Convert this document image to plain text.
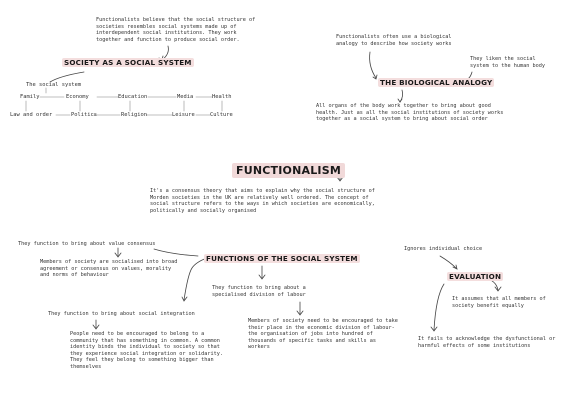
Functionalists believe that the social structure of societies resembles social systems made up of interdependent social institutions. They work together and function to produce social order.
SOCIETY AS A SOCIAL SYSTEM
The social system
Family	Economy	Education	Media	Health
Law and order	Politics	Religion	Leisure	Culture
Functionalists often use a biological analogy to describe how society works
They liken the social system to the human body
THE BIOLOGICAL ANALOGY
All organs of the body work together to bring about good health. Just as all the social institutions of society works together as a social system to bring about social order
FUNCTIONALISM
It's a consensus theory that aims to explain why the social structure of Morden societies in the UK are relatively well ordered. The concept of social structure refers to the ways in which societies are economically, politically and socially organised
They function to bring about value consensus
FUNCTIONS OF THE SOCIAL SYSTEM
Members of society are socialised into broad agreement or consensus on values, morality and norms of behaviour
They function to bring about a specialised division of labour
They function to bring about social integration
Members of society need to be encouraged to take their place in the economic division of labour- the organisation of jobs into hundred of thousands of specific tasks and skills as workers
People need to be encouraged to belong to a community that has something in common. A common identity binds the individual to society so that they experience social integration or solidarity. They feel they belong to something bigger than themselves
Ignores individual choice
EVALUATION
It assumes that all members of society benefit equally
It fails to acknowledge the dysfunctional or harmful effects of some institutions
